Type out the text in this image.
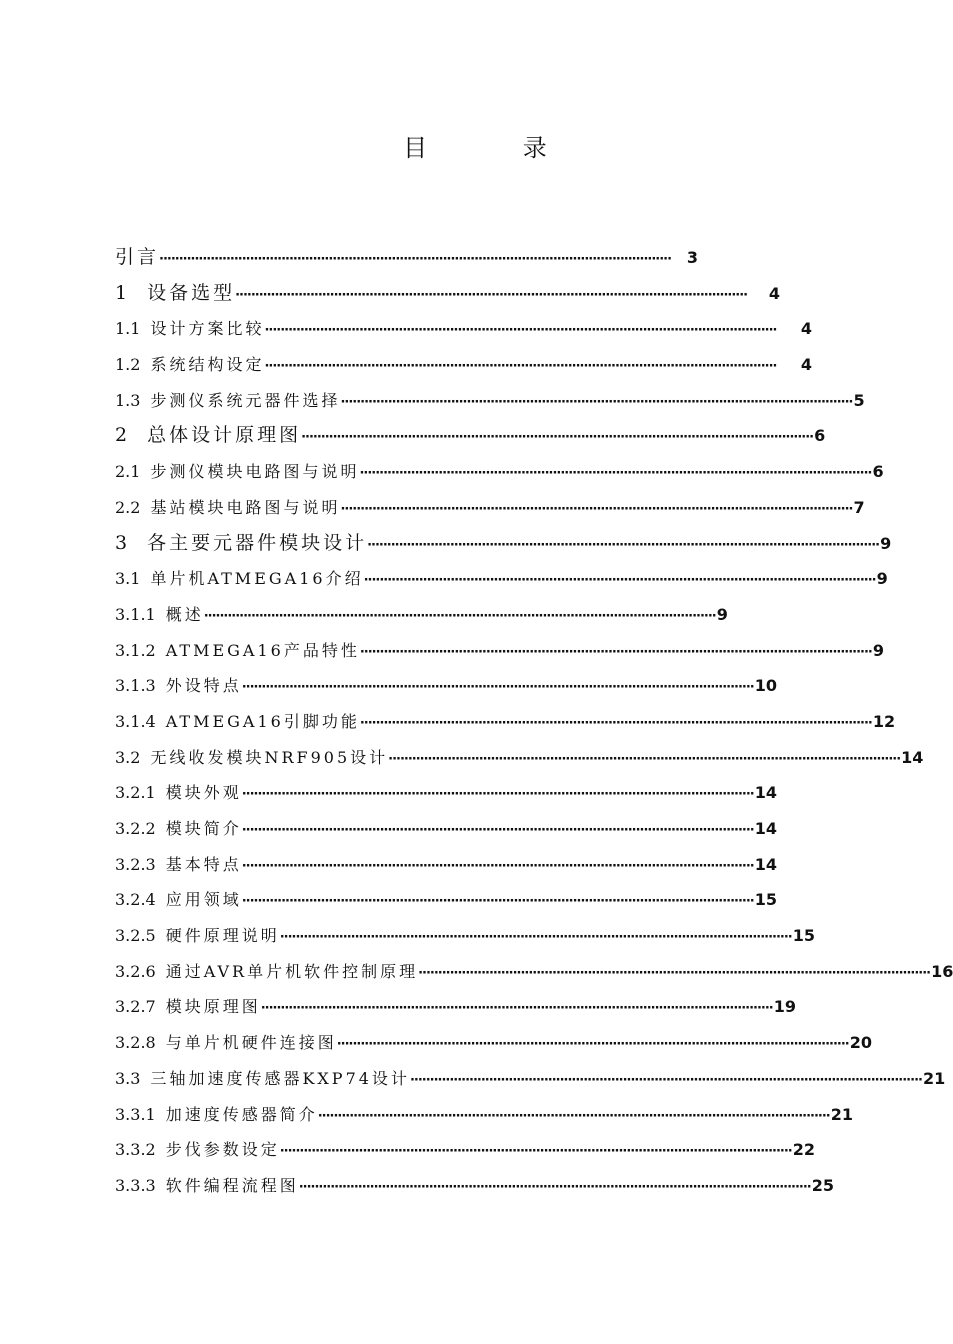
目 录
引言 ·································································································································· 3
1 设备选型 ··································································································································	4
1.1 设计方案比较 ··································································································································	4
1.2 系统结构设定 ··································································································································	4
1.3 步测仪系统元器件选择 ·································································································································· 5
2 总体设计原理图 ·································································································································· 6
2.1 步测仪模块电路图与说明 ·································································································································· 6
2.2 基站模块电路图与说明 ·································································································································· 7
3 各主要元器件模块设计 ·································································································································· 9
3.1 单片机ATMEGA16介绍 ·································································································································· 9
3.1.1 概述 ·································································································································· 9
3.1.2 ATMEGA16产品特性 ·································································································································· 9
3.1.3 外设特点 ·································································································································· 10
3.1.4 ATMEGA16引脚功能 ·································································································································· 12
3.2 无线收发模块NRF905设计 ·································································································································· 14
3.2.1 模块外观 ·································································································································· 14
3.2.2 模块简介 ·································································································································· 14
3.2.3 基本特点 ·································································································································· 14
3.2.4 应用领域 ·································································································································· 15
3.2.5 硬件原理说明 ·································································································································· 15
3.2.6 通过AVR单片机软件控制原理 ·································································································································· 16
3.2.7 模块原理图 ·································································································································· 19
3.2.8 与单片机硬件连接图 ·································································································································· 20
3.3 三轴加速度传感器KXP74设计 ·································································································································· 21
3.3.1 加速度传感器简介 ·································································································································· 21
3.3.2 步伐参数设定 ·································································································································· 22
3.3.3 软件编程流程图 ·································································································································· 25
